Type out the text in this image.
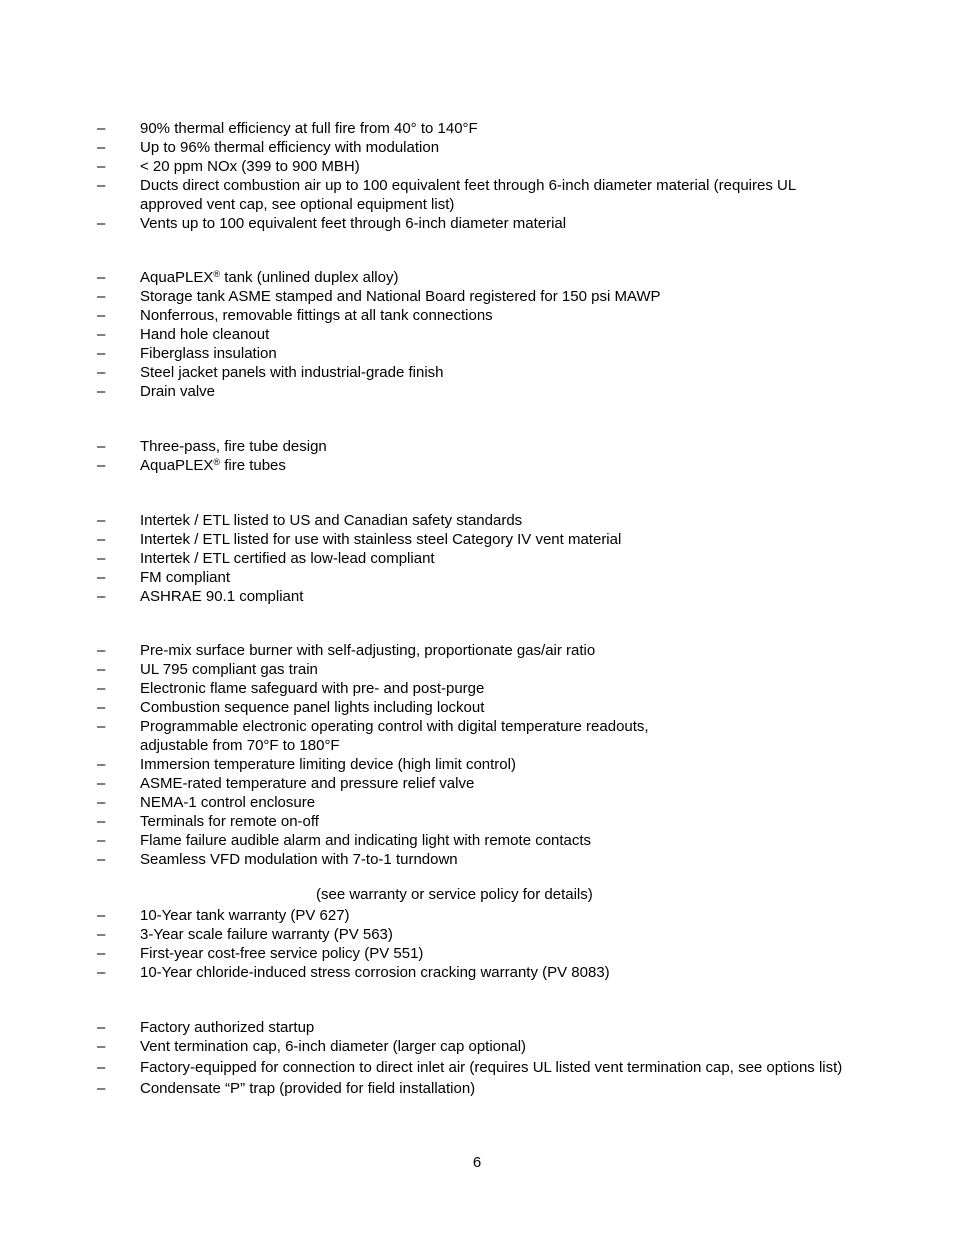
– 90% thermal efficiency at full fire from 40° to 140°F
– Up to 96% thermal efficiency with modulation
– < 20 ppm NOx (399 to 900 MBH)
– Ducts direct combustion air up to 100 equivalent feet through 6-inch diameter material (requires UL
approved vent cap, see optional equipment list)
– Vents up to 100 equivalent feet through 6-inch diameter material
– AquaPLEX® tank (unlined duplex alloy)
– Storage tank ASME stamped and National Board registered for 150 psi MAWP
– Nonferrous, removable fittings at all tank connections
– Hand hole cleanout
– Fiberglass insulation
– Steel jacket panels with industrial-grade finish
– Drain valve
– Three-pass, fire tube design
– AquaPLEX® fire tubes
– Intertek / ETL listed to US and Canadian safety standards
– Intertek / ETL listed for use with stainless steel Category IV vent material
– Intertek / ETL certified as low-lead compliant
– FM compliant
– ASHRAE 90.1 compliant
– Pre-mix surface burner with self-adjusting, proportionate gas/air ratio
– UL 795 compliant gas train
– Electronic flame safeguard with pre- and post-purge
– Combustion sequence panel lights including lockout
– Programmable electronic operating control with digital temperature readouts,
adjustable from 70°F to 180°F
– Immersion temperature limiting device (high limit control)
– ASME-rated temperature and pressure relief valve
– NEMA-1 control enclosure
– Terminals for remote on-off
– Flame failure audible alarm and indicating light with remote contacts
– Seamless VFD modulation with 7-to-1 turndown
(see warranty or service policy for details)
– 10-Year tank warranty (PV 627)
– 3-Year scale failure warranty (PV 563)
– First-year cost-free service policy (PV 551)
– 10-Year chloride-induced stress corrosion cracking warranty (PV 8083)
– Factory authorized startup
– Vent termination cap, 6-inch diameter (larger cap optional)
– Factory-equipped for connection to direct inlet air (requires UL listed vent termination cap, see options list)
– Condensate “P” trap (provided for field installation)
6
